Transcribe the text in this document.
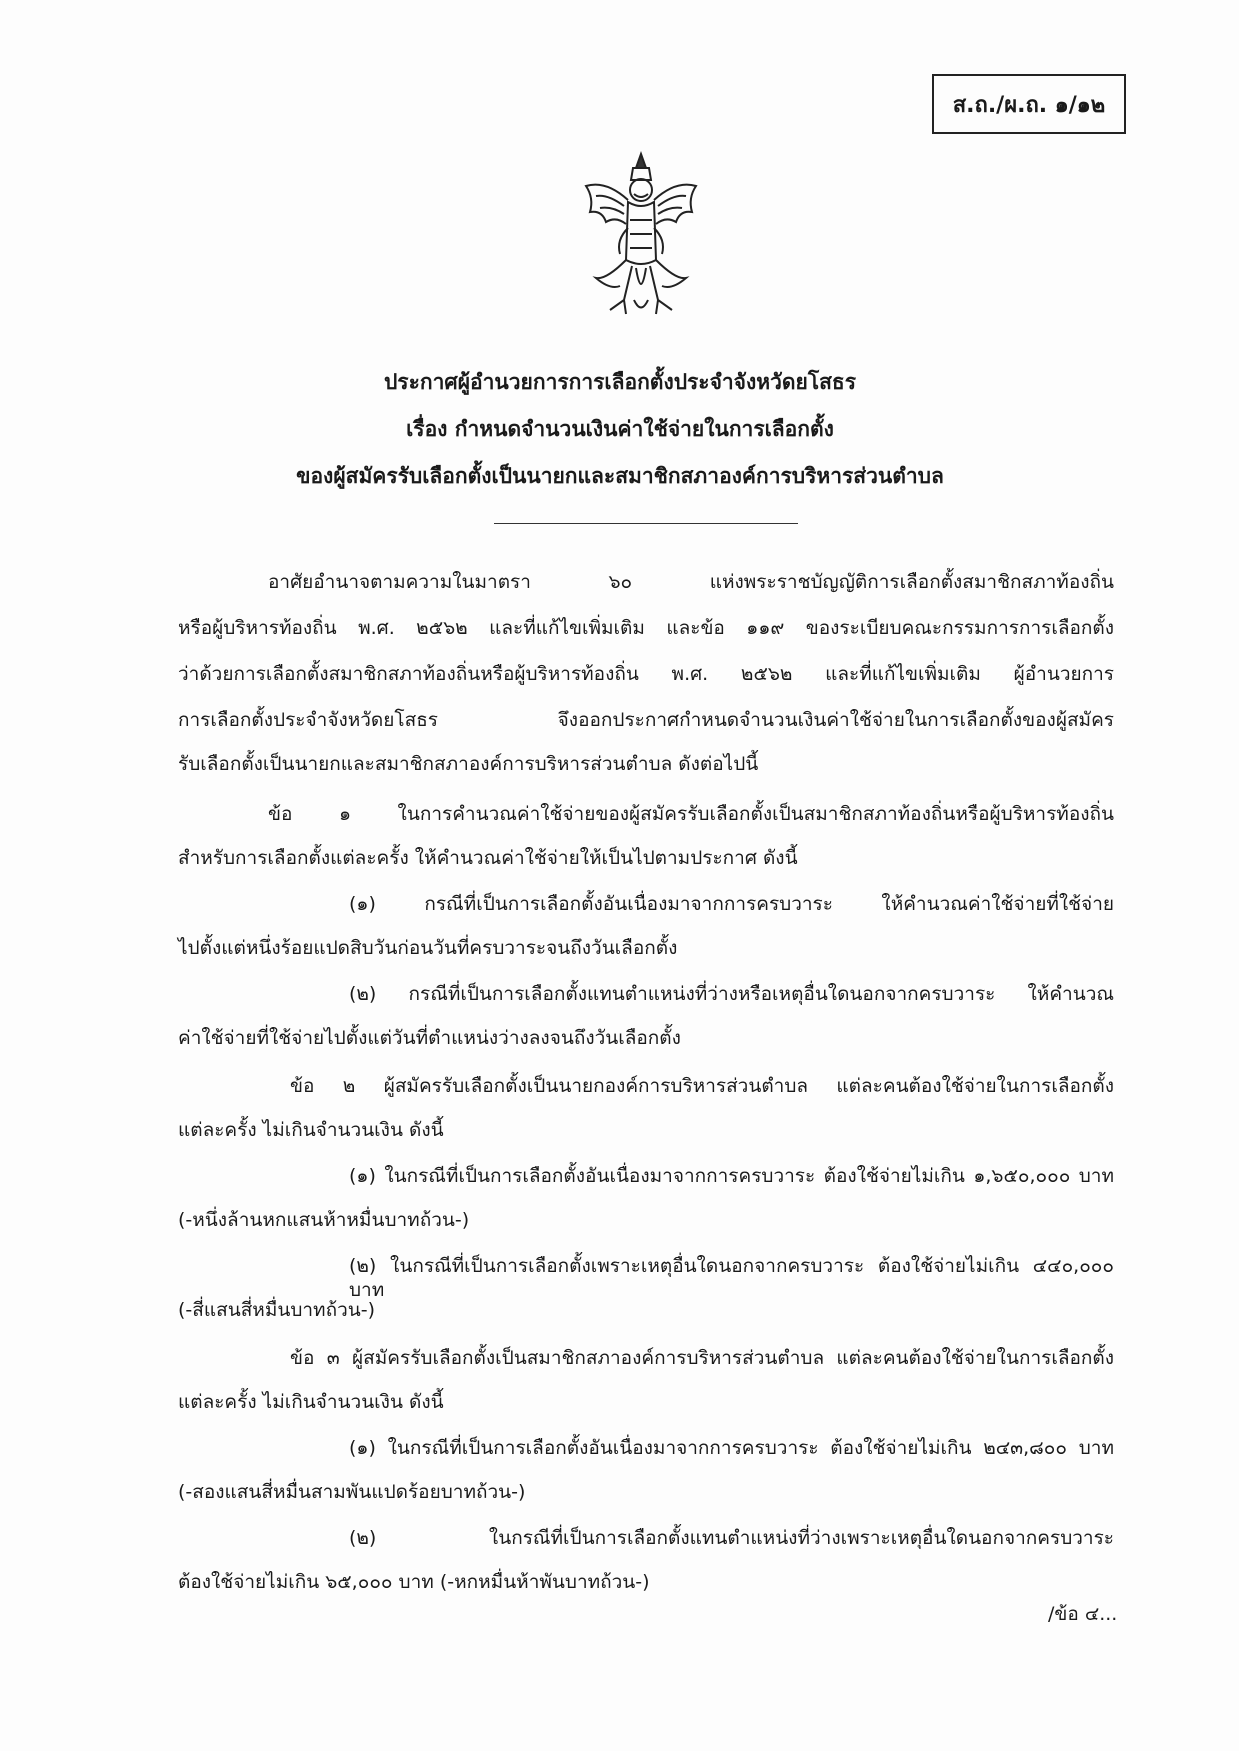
ส.ถ./ผ.ถ. ๑/๑๒
ประกาศผู้อำนวยการการเลือกตั้งประจำจังหวัดยโสธร
เรื่อง กำหนดจำนวนเงินค่าใช้จ่ายในการเลือกตั้ง
ของผู้สมัครรับเลือกตั้งเป็นนายกและสมาชิกสภาองค์การบริหารส่วนตำบล
อาศัยอำนาจตามความในมาตรา ๖๐ แห่งพระราชบัญญัติการเลือกตั้งสมาชิกสภาท้องถิ่น
หรือผู้บริหารท้องถิ่น พ.ศ. ๒๕๖๒ และที่แก้ไขเพิ่มเติม และข้อ ๑๑๙ ของระเบียบคณะกรรมการการเลือกตั้ง
ว่าด้วยการเลือกตั้งสมาชิกสภาท้องถิ่นหรือผู้บริหารท้องถิ่น พ.ศ. ๒๕๖๒ และที่แก้ไขเพิ่มเติม ผู้อำนวยการ
การเลือกตั้งประจำจังหวัดยโสธร จึงออกประกาศกำหนดจำนวนเงินค่าใช้จ่ายในการเลือกตั้งของผู้สมัคร
รับเลือกตั้งเป็นนายกและสมาชิกสภาองค์การบริหารส่วนตำบล ดังต่อไปนี้
ข้อ ๑ ในการคำนวณค่าใช้จ่ายของผู้สมัครรับเลือกตั้งเป็นสมาชิกสภาท้องถิ่นหรือผู้บริหารท้องถิ่น
สำหรับการเลือกตั้งแต่ละครั้ง ให้คำนวณค่าใช้จ่ายให้เป็นไปตามประกาศ ดังนี้
(๑) กรณีที่เป็นการเลือกตั้งอันเนื่องมาจากการครบวาระ ให้คำนวณค่าใช้จ่ายที่ใช้จ่าย
ไปตั้งแต่หนึ่งร้อยแปดสิบวันก่อนวันที่ครบวาระจนถึงวันเลือกตั้ง
(๒) กรณีที่เป็นการเลือกตั้งแทนตำแหน่งที่ว่างหรือเหตุอื่นใดนอกจากครบวาระ ให้คำนวณ
ค่าใช้จ่ายที่ใช้จ่ายไปตั้งแต่วันที่ตำแหน่งว่างลงจนถึงวันเลือกตั้ง
ข้อ ๒ ผู้สมัครรับเลือกตั้งเป็นนายกองค์การบริหารส่วนตำบล แต่ละคนต้องใช้จ่ายในการเลือกตั้ง
แต่ละครั้ง ไม่เกินจำนวนเงิน ดังนี้
(๑) ในกรณีที่เป็นการเลือกตั้งอันเนื่องมาจากการครบวาระ ต้องใช้จ่ายไม่เกิน ๑,๖๕๐,๐๐๐ บาท
(-หนึ่งล้านหกแสนห้าหมื่นบาทถ้วน-)
(๒) ในกรณีที่เป็นการเลือกตั้งเพราะเหตุอื่นใดนอกจากครบวาระ ต้องใช้จ่ายไม่เกิน ๔๔๐,๐๐๐ บาท
(-สี่แสนสี่หมื่นบาทถ้วน-)
ข้อ ๓ ผู้สมัครรับเลือกตั้งเป็นสมาชิกสภาองค์การบริหารส่วนตำบล แต่ละคนต้องใช้จ่ายในการเลือกตั้ง
แต่ละครั้ง ไม่เกินจำนวนเงิน ดังนี้
(๑) ในกรณีที่เป็นการเลือกตั้งอันเนื่องมาจากการครบวาระ ต้องใช้จ่ายไม่เกิน ๒๔๓,๘๐๐ บาท
(-สองแสนสี่หมื่นสามพันแปดร้อยบาทถ้วน-)
(๒) ในกรณีที่เป็นการเลือกตั้งแทนตำแหน่งที่ว่างเพราะเหตุอื่นใดนอกจากครบวาระ
ต้องใช้จ่ายไม่เกิน ๖๕,๐๐๐ บาท (-หกหมื่นห้าพันบาทถ้วน-)
/ข้อ ๔...
